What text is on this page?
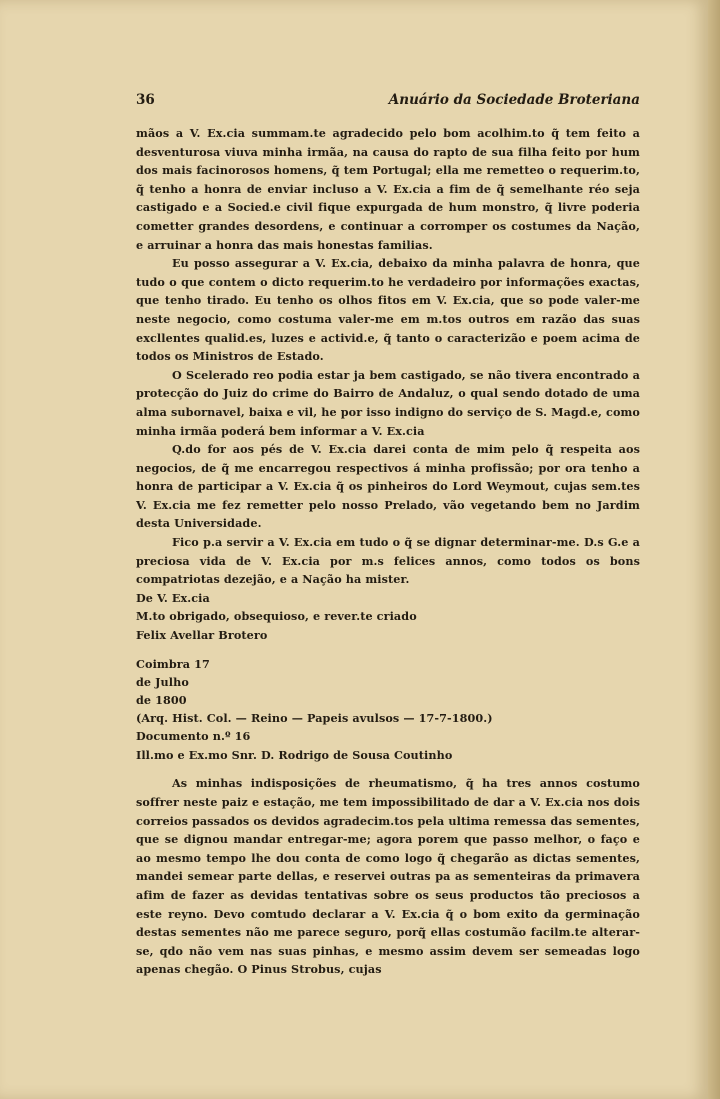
36	Anuário da Sociedade Broteriana

mãos a V. Ex.cia summam.te agradecido pelo bom acolhim.to q̃ tem feito a desventurosa viuva minha irmãa, na causa do rapto de sua filha feito por hum dos mais facinorosos homens, q̃ tem Portugal; ella me remetteo o requerim.to, q̃ tenho a honra de enviar incluso a V. Ex.cia a fim de q̃ semelhante réo seja castigado e a Socied.e civil fique expurgada de hum monstro, q̃ livre poderia cometter grandes desordens, e continuar a corromper os costumes da Nação, e arruinar a honra das mais honestas familias.

Eu posso assegurar a V. Ex.cia, debaixo da minha palavra de honra, que tudo o que contem o dicto requerim.to he verdadeiro por informações exactas, que tenho tirado. Eu tenho os olhos fitos em V. Ex.cia, que so pode valer-me neste negocio, como costuma valer-me em m.tos outros em razão das suas excllentes qualid.es, luzes e activid.e, q̃ tanto o caracterizão e poem acima de todos os Ministros de Estado.

O Scelerado reo podia estar ja bem castigado, se não tivera encontrado a protecção do Juiz do crime do Bairro de Andaluz, o qual sendo dotado de uma alma subornavel, baixa e vil, he por isso indigno do serviço de S. Magd.e, como minha irmãa poderá bem informar a V. Ex.cia

Q.do for aos pés de V. Ex.cia darei conta de mim pelo q̃ respeita aos negocios, de q̃ me encarregou respectivos á minha profissão; por ora tenho a honra de participar a V. Ex.cia q̃ os pinheiros do Lord Weymout, cujas sem.tes V. Ex.cia me fez remetter pelo nosso Prelado, vão vegetando bem no Jardim desta Universidade.

Fico p.a servir a V. Ex.cia em tudo o q̃ se dignar determinar-me. D.s G.e a preciosa vida de V. Ex.cia por m.s felices annos, como todos os bons compatriotas dezejão, e a Nação ha mister.

De V. Ex.cia

M.to obrigado, obsequioso, e rever.te criado

Felix Avellar Brotero

Coimbra 17
de Julho
de 1800

(Arq. Hist. Col. — Reino — Papeis avulsos — 17-7-1800.)

Documento n.º 16

Ill.mo e Ex.mo Snr. D. Rodrigo de Sousa Coutinho

As minhas indisposições de rheumatismo, q̃ ha tres annos costumo soffrer neste paiz e estação, me tem impossibilitado de dar a V. Ex.cia nos dois correios passados os devidos agradecim.tos pela ultima remessa das sementes, que se dignou mandar entregar-me; agora porem que passo melhor, o faço e ao mesmo tempo lhe dou conta de como logo q̃ chegarão as dictas sementes, mandei semear parte dellas, e reservei outras pa as sementeiras da primavera afim de fazer as devidas tentativas sobre os seus productos tão preciosos a este reyno. Devo comtudo declarar a V. Ex.cia q̃ o bom exito da germinação destas sementes não me parece seguro, porq̃ ellas costumão facilm.te alterar-se, qdo não vem nas suas pinhas, e mesmo assim devem ser semeadas logo apenas chegão. O Pinus Strobus, cujas
